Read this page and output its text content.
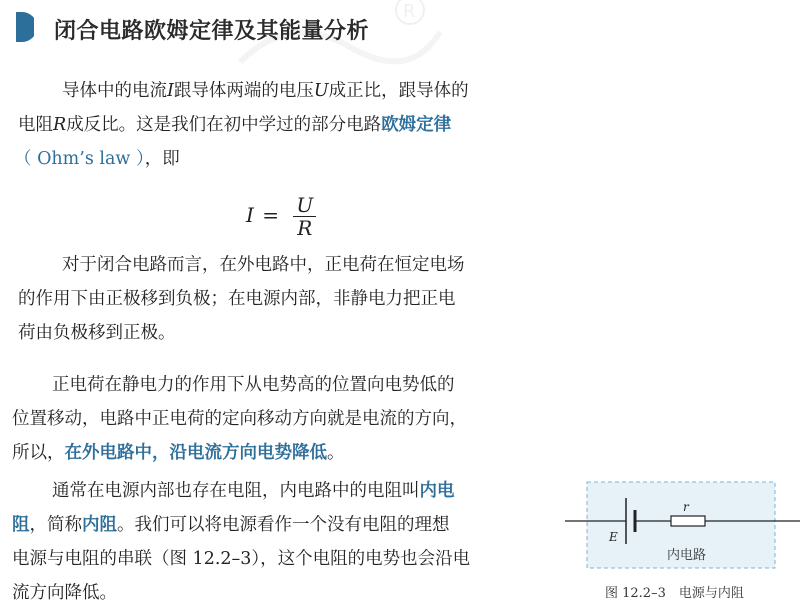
R
闭合电路欧姆定律及其能量分析
导体中的电流I跟导体两端的电压U成正比，跟导体的
电阻R成反比。这是我们在初中学过的部分电路欧姆定律
（ Ohm’s law ），即
$I = \frac{U}{R}$
对于闭合电路而言，在外电路中，正电荷在恒定电场
的作用下由正极移到负极；在电源内部，非静电力把正电
荷由负极移到正极。
正电荷在静电力的作用下从电势高的位置向电势低的
位置移动，电路中正电荷的定向移动方向就是电流的方向，
所以，在外电路中，沿电流方向电势降低。
通常在电源内部也存在电阻，内电路中的电阻叫内电
阻，简称内阻。我们可以将电源看作一个没有电阻的理想
电源与电阻的串联（图 12.2–3），这个电阻的电势也会沿电
流方向降低。
r
E
内电路
图 12.2–3　电源与内阻
